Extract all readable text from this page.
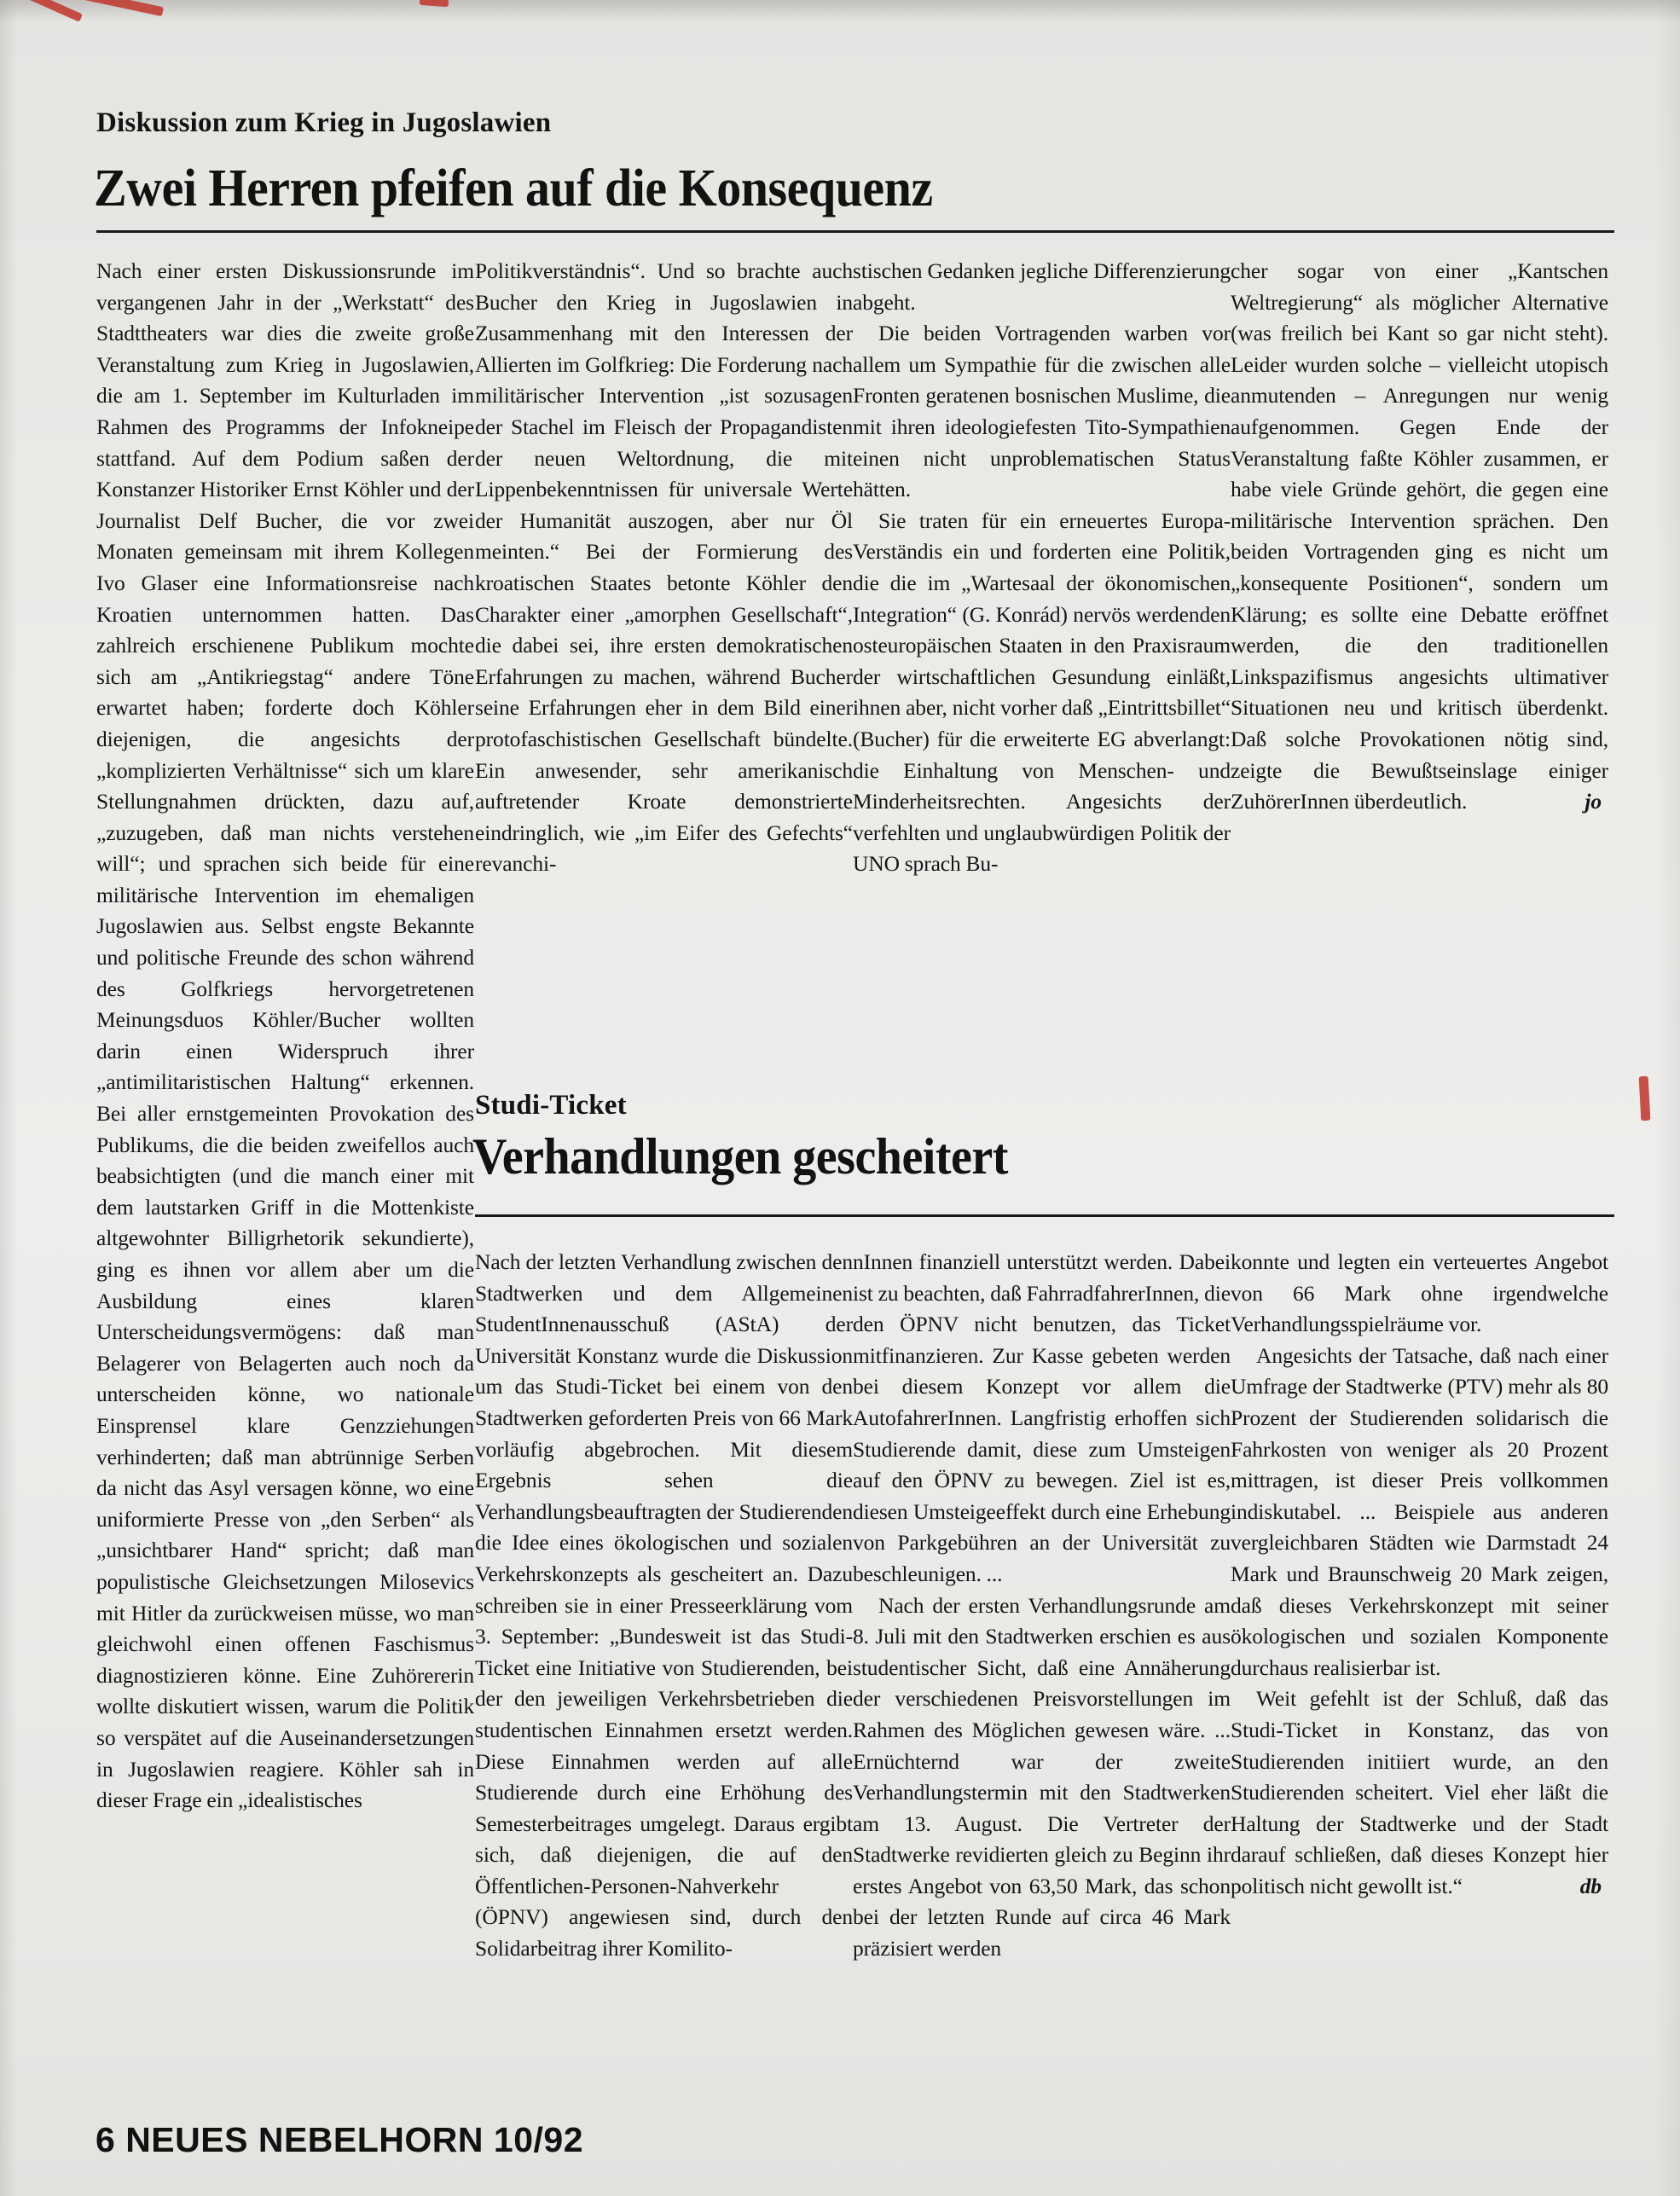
Diskussion zum Krieg in Jugoslawien
Zwei Herren pfeifen auf die Konsequenz

Nach einer ersten Diskussionsrunde im vergangenen Jahr in der „Werkstatt“ des Stadttheaters war dies die zweite große Veranstaltung zum Krieg in Jugoslawien, die am 1. September im Kulturladen im Rahmen des Programms der Infokneipe stattfand. Auf dem Podium saßen der Konstanzer Historiker Ernst Köhler und der Journalist Delf Bucher, die vor zwei Monaten gemeinsam mit ihrem Kollegen Ivo Glaser eine Informationsreise nach Kroatien unternommen hatten. Das zahlreich erschienene Publikum mochte sich am „Antikriegstag“ andere Töne erwartet haben; forderte doch Köhler diejenigen, die angesichts der „komplizierten Verhältnisse“ sich um klare Stellungnahmen drückten, dazu auf, „zuzugeben, daß man nichts verstehen will“; und sprachen sich beide für eine militärische Intervention im ehemaligen Jugoslawien aus. Selbst engste Bekannte und politische Freunde des schon während des Golfkriegs hervorgetretenen Meinungsduos Köhler/Bucher wollten darin einen Widerspruch ihrer „antimilitaristischen Haltung“ erkennen. Bei aller ernstgemeinten Provokation des Publikums, die die beiden zweifellos auch beabsichtigten (und die manch einer mit dem lautstarken Griff in die Mottenkiste altgewohnter Billigrhetorik sekundierte), ging es ihnen vor allem aber um die Ausbildung eines klaren Unterscheidungsvermögens: daß man Belagerer von Belagerten auch noch da unterscheiden könne, wo nationale Einsprensel klare Genzziehungen verhinderten; daß man abtrünnige Serben da nicht das Asyl versagen könne, wo eine uniformierte Presse von „den Serben“ als „unsichtbarer Hand“ spricht; daß man populistische Gleichsetzungen Milosevics mit Hitler da zurückweisen müsse, wo man gleichwohl einen offenen Faschismus diagnostizieren könne. Eine Zuhörererin wollte diskutiert wissen, warum die Politik so verspätet auf die Auseinandersetzungen in Jugoslawien reagiere. Köhler sah in dieser Frage ein „idealistisches

Politikverständnis“. Und so brachte auch Bucher den Krieg in Jugoslawien in Zusammenhang mit den Interessen der Allierten im Golfkrieg: Die Forderung nach militärischer Intervention „ist sozusagen der Stachel im Fleisch der Propagandisten der neuen Weltordnung, die mit Lippenbekenntnissen für universale Werte der Humanität auszogen, aber nur Öl meinten.“ Bei der Formierung des kroatischen Staates betonte Köhler den Charakter einer „amorphen Gesellschaft“, die dabei sei, ihre ersten demokratischen Erfahrungen zu machen, während Bucher seine Erfahrungen eher in dem Bild einer protofaschistischen Gesellschaft bündelte. Ein anwesender, sehr amerikanisch auftretender Kroate demonstrierte eindringlich, wie „im Eifer des Gefechts“ revanchi-

stischen Gedanken jegliche Differenzierung abgeht.

Die beiden Vortragenden warben vor allem um Sympathie für die zwischen alle Fronten geratenen bosnischen Muslime, die mit ihren ideologiefesten Tito-Sympathien einen nicht unproblematischen Status hätten.

Sie traten für ein erneuertes Europa-Verständis ein und forderten eine Politik, die die im „Wartesaal der ökonomischen Integration“ (G. Konrád) nervös werdenden osteuropäischen Staaten in den Praxisraum der wirtschaftlichen Gesundung einläßt, ihnen aber, nicht vorher daß „Eintrittsbillet“ (Bucher) für die erweiterte EG abverlangt: die Einhaltung von Menschen- und Minderheitsrechten. Angesichts der verfehlten und unglaubwürdigen Politik der UNO sprach Bu-

cher sogar von einer „Kantschen Weltregierung“ als möglicher Alternative (was freilich bei Kant so gar nicht steht). Leider wurden solche – vielleicht utopisch anmutenden – Anregungen nur wenig aufgenommen. Gegen Ende der Veranstaltung faßte Köhler zusammen, er habe viele Gründe gehört, die gegen eine militärische Intervention sprächen. Den beiden Vortragenden ging es nicht um „konsequente Positionen“, sondern um Klärung; es sollte eine Debatte eröffnet werden, die den traditionellen Linkspazifismus angesichts ultimativer Situationen neu und kritisch überdenkt. Daß solche Provokationen nötig sind, zeigte die Bewußtseinslage einiger ZuhörerInnen überdeutlich.	jo
Studi-Ticket
Verhandlungen gescheitert

Nach der letzten Verhandlung zwischen den Stadtwerken und dem Allgemeinen StudentInnenausschuß (AStA) der Universität Konstanz wurde die Diskussion um das Studi-Ticket bei einem von den Stadtwerken geforderten Preis von 66 Mark vorläufig abgebrochen. Mit diesem Ergebnis sehen die Verhandlungsbeauftragten der Studierenden die Idee eines ökologischen und sozialen Verkehrskonzepts als gescheitert an. Dazu schreiben sie in einer Presseerklärung vom 3. September: „Bundesweit ist das Studi-Ticket eine Initiative von Studierenden, bei der den jeweiligen Verkehrsbetrieben die studentischen Einnahmen ersetzt werden. Diese Einnahmen werden auf alle Studierende durch eine Erhöhung des Semesterbeitrages umgelegt. Daraus ergibt sich, daß diejenigen, die auf den Öffentlichen-Personen-Nahverkehr (ÖPNV) angewiesen sind, durch den Solidarbeitrag ihrer Komilito-

nInnen finanziell unterstützt werden. Dabei ist zu beachten, daß FahrradfahrerInnen, die den ÖPNV nicht benutzen, das Ticket mitfinanzieren. Zur Kasse gebeten werden bei diesem Konzept vor allem die AutofahrerInnen. Langfristig erhoffen sich Studierende damit, diese zum Umsteigen auf den ÖPNV zu bewegen. Ziel ist es, diesen Umsteigeeffekt durch eine Erhebung von Parkgebühren an der Universität zu beschleunigen. ...

Nach der ersten Verhandlungsrunde am 8. Juli mit den Stadtwerken erschien es aus studentischer Sicht, daß eine Annäherung der verschiedenen Preisvorstellungen im Rahmen des Möglichen gewesen wäre. ... Ernüchternd war der zweite Verhandlungstermin mit den Stadtwerken am 13. August. Die Vertreter der Stadtwerke revidierten gleich zu Beginn ihr erstes Angebot von 63,50 Mark, das schon bei der letzten Runde auf circa 46 Mark präzisiert werden

konnte und legten ein verteuertes Angebot von 66 Mark ohne irgendwelche Verhandlungsspielräume vor.

Angesichts der Tatsache, daß nach einer Umfrage der Stadtwerke (PTV) mehr als 80 Prozent der Studierenden solidarisch die Fahrkosten von weniger als 20 Prozent mittragen, ist dieser Preis vollkommen indiskutabel. ... Beispiele aus anderen vergleichbaren Städten wie Darmstadt 24 Mark und Braunschweig 20 Mark zeigen, daß dieses Verkehrskonzept mit seiner ökologischen und sozialen Komponente durchaus realisierbar ist.

Weit gefehlt ist der Schluß, daß das Studi-Ticket in Konstanz, das von Studierenden initiiert wurde, an den Studierenden scheitert. Viel eher läßt die Haltung der Stadtwerke und der Stadt darauf schließen, daß dieses Konzept hier politisch nicht gewollt ist.“	db
6 NEUES NEBELHORN 10/92
